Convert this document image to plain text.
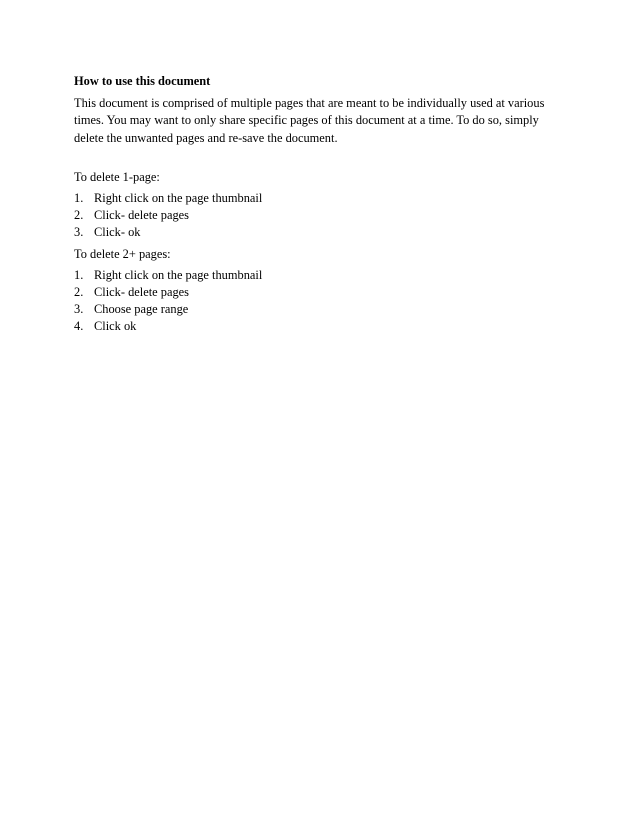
How to use this document

This document is comprised of multiple pages that are meant to be individually used at various times. You may want to only share specific pages of this document at a time. To do so, simply delete the unwanted pages and re-save the document.

To delete 1-page:

1. Right click on the page thumbnail
2. Click- delete pages
3. Click- ok

To delete 2+ pages:

1. Right click on the page thumbnail
2. Click- delete pages
3. Choose page range
4. Click ok
